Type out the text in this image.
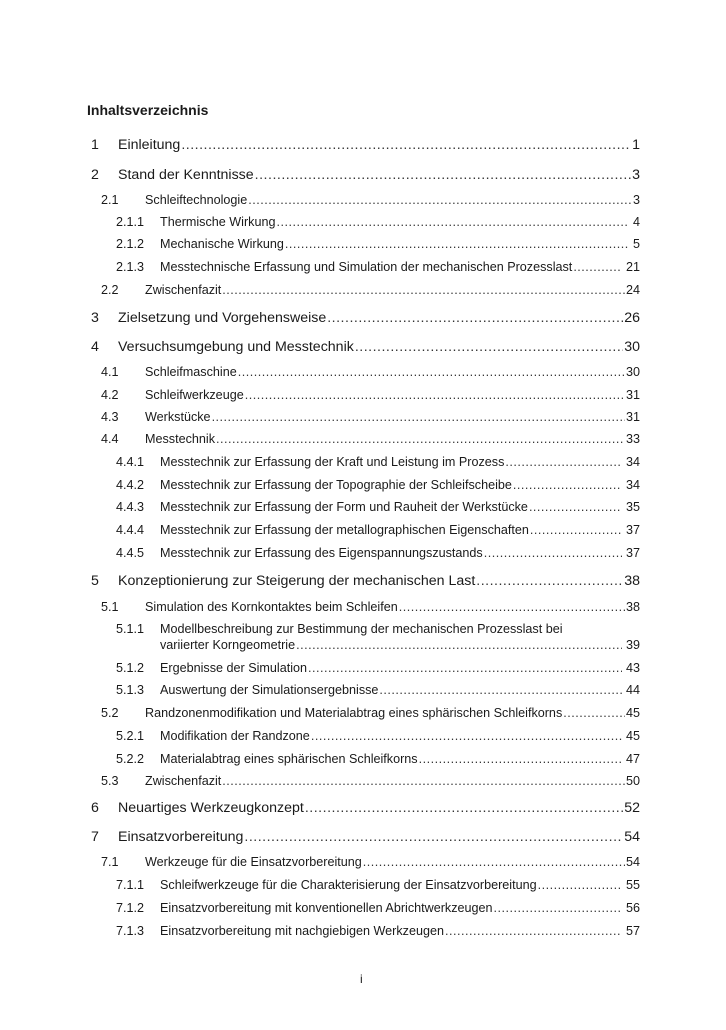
Inhaltsverzeichnis
1	Einleitung .....	1
2	Stand der Kenntnisse .....	3
2.1	Schleiftechnologie .....	3
2.1.1	Thermische Wirkung .....	4
2.1.2	Mechanische Wirkung .....	5
2.1.3	Messtechnische Erfassung und Simulation der mechanischen Prozesslast .....	21
2.2	Zwischenfazit .....	24
3	Zielsetzung und Vorgehensweise .....	26
4	Versuchsumgebung und Messtechnik .....	30
4.1	Schleifmaschine .....	30
4.2	Schleifwerkzeuge .....	31
4.3	Werkstücke .....	31
4.4	Messtechnik .....	33
4.4.1	Messtechnik zur Erfassung der Kraft und Leistung im Prozess .....	34
4.4.2	Messtechnik zur Erfassung der Topographie der Schleifscheibe .....	34
4.4.3	Messtechnik zur Erfassung der Form und Rauheit der Werkstücke .....	35
4.4.4	Messtechnik zur Erfassung der metallographischen Eigenschaften .....	37
4.4.5	Messtechnik zur Erfassung des Eigenspannungszustands .....	37
5	Konzeptionierung zur Steigerung der mechanischen Last .....	38
5.1	Simulation des Kornkontaktes beim Schleifen .....	38
5.1.1	Modellbeschreibung zur Bestimmung der mechanischen Prozesslast bei
variierter Korngeometrie .....	39
5.1.2	Ergebnisse der Simulation .....	43
5.1.3	Auswertung der Simulationsergebnisse .....	44
5.2	Randzonenmodifikation und Materialabtrag eines sphärischen Schleifkorns .....	45
5.2.1	Modifikation der Randzone .....	45
5.2.2	Materialabtrag eines sphärischen Schleifkorns .....	47
5.3	Zwischenfazit .....	50
6	Neuartiges Werkzeugkonzept .....	52
7	Einsatzvorbereitung .....	54
7.1	Werkzeuge für die Einsatzvorbereitung .....	54
7.1.1	Schleifwerkzeuge für die Charakterisierung der Einsatzvorbereitung .....	55
7.1.2	Einsatzvorbereitung mit konventionellen Abrichtwerkzeugen .....	56
7.1.3	Einsatzvorbereitung mit nachgiebigen Werkzeugen .....	57
i
